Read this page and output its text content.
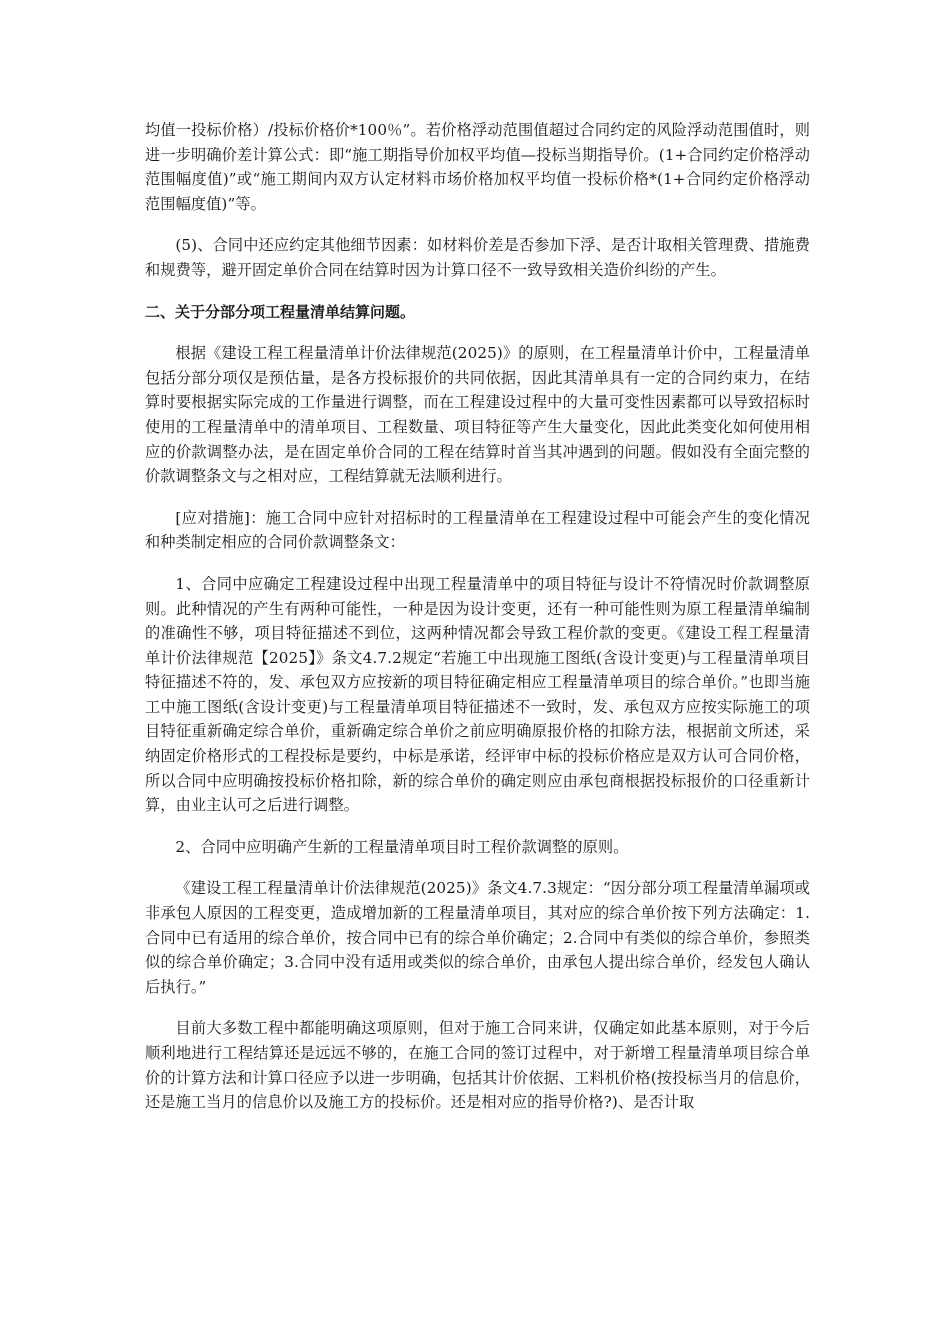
均值一投标价格）/投标价格价*100％”。若价格浮动范围值超过合同约定的风险浮动范围值时，则进一步明确价差计算公式：即“施工期指导价加权平均值—投标当期指导价。(1+合同约定价格浮动范围幅度值)”或“施工期间内双方认定材料市场价格加权平均值一投标价格*(1+合同约定价格浮动范围幅度值)”等。

(5)、合同中还应约定其他细节因素：如材料价差是否参加下浮、是否计取相关管理费、措施费和规费等，避开固定单价合同在结算时因为计算口径不一致导致相关造价纠纷的产生。

二、关于分部分项工程量清单结算问题。

根据《建设工程工程量清单计价法律规范(2025)》的原则，在工程量清单计价中，工程量清单包括分部分项仅是预估量，是各方投标报价的共同依据，因此其清单具有一定的合同约束力，在结算时要根据实际完成的工作量进行调整，而在工程建设过程中的大量可变性因素都可以导致招标时使用的工程量清单中的清单项目、工程数量、项目特征等产生大量变化，因此此类变化如何使用相应的价款调整办法，是在固定单价合同的工程在结算时首当其冲遇到的问题。假如没有全面完整的价款调整条文与之相对应，工程结算就无法顺利进行。

[应对措施]：施工合同中应针对招标时的工程量清单在工程建设过程中可能会产生的变化情况和种类制定相应的合同价款调整条文：

1、合同中应确定工程建设过程中出现工程量清单中的项目特征与设计不符情况时价款调整原则。此种情况的产生有两种可能性，一种是因为设计变更，还有一种可能性则为原工程量清单编制的准确性不够，项目特征描述不到位，这两种情况都会导致工程价款的变更。《建设工程工程量清单计价法律规范【2025】》条文4.7.2规定“若施工中出现施工图纸(含设计变更)与工程量清单项目特征描述不符的，发、承包双方应按新的项目特征确定相应工程量清单项目的综合单价。”也即当施工中施工图纸(含设计变更)与工程量清单项目特征描述不一致时，发、承包双方应按实际施工的项目特征重新确定综合单价，重新确定综合单价之前应明确原报价格的扣除方法，根据前文所述，采纳固定价格形式的工程投标是要约，中标是承诺，经评审中标的投标价格应是双方认可合同价格，所以合同中应明确按投标价格扣除，新的综合单价的确定则应由承包商根据投标报价的口径重新计算，由业主认可之后进行调整。

2、合同中应明确产生新的工程量清单项目时工程价款调整的原则。

《建设工程工程量清单计价法律规范(2025)》条文4.7.3规定：“因分部分项工程量清单漏项或非承包人原因的工程变更，造成增加新的工程量清单项目，其对应的综合单价按下列方法确定：1.合同中已有适用的综合单价，按合同中已有的综合单价确定；2.合同中有类似的综合单价，参照类似的综合单价确定；3.合同中没有适用或类似的综合单价，由承包人提出综合单价，经发包人确认后执行。”

目前大多数工程中都能明确这项原则，但对于施工合同来讲，仅确定如此基本原则，对于今后顺利地进行工程结算还是远远不够的，在施工合同的签订过程中，对于新增工程量清单项目综合单价的计算方法和计算口径应予以进一步明确，包括其计价依据、工料机价格(按投标当月的信息价，还是施工当月的信息价以及施工方的投标价。还是相对应的指导价格?)、是否计取
